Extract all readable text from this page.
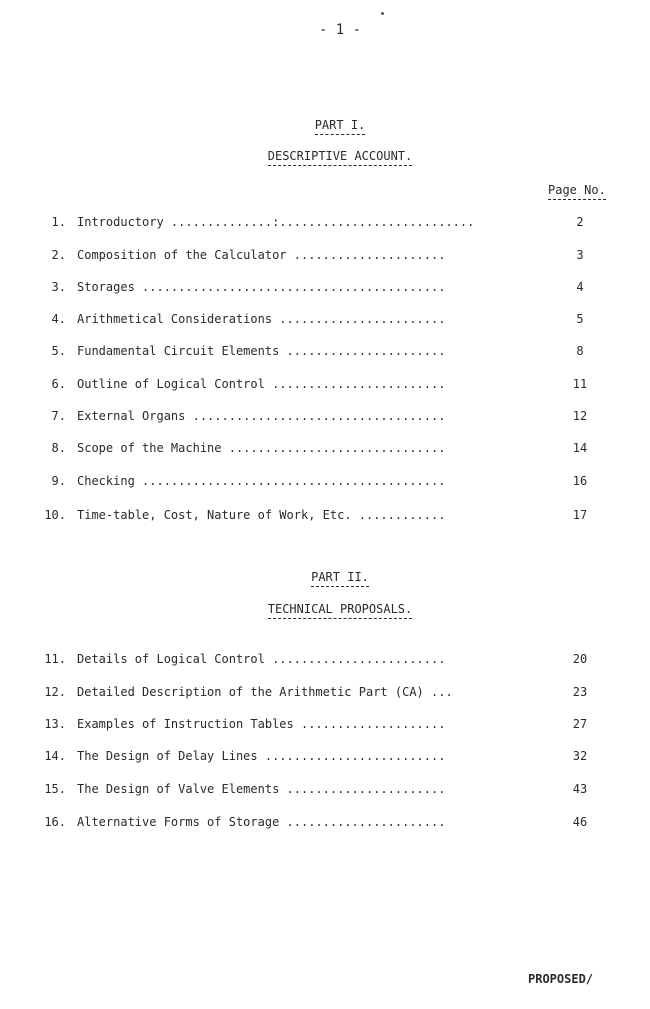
- 1 -
PART I.
DESCRIPTIVE ACCOUNT.
Page No.
1. Introductory ..............:...........................	2
2. Composition of the Calculator .....................	3
3. Storages ..........................................	4
4. Arithmetical Considerations .......................	5
5. Fundamental Circuit Elements ......................	8
6. Outline of Logical Control ........................	11
7. External Organs ...................................	12
8. Scope of the Machine ..............................	14
9. Checking ..........................................	16
10. Time-table, Cost, Nature of Work, Etc. ............	17
PART II.
TECHNICAL PROPOSALS.
11. Details of Logical Control ........................	20
12. Detailed Description of the Arithmetic Part (CA) ...	23
13. Examples of Instruction Tables ....................	27
14. The Design of Delay Lines .........................	32
15. The Design of Valve Elements ......................	43
16. Alternative Forms of Storage ......................	46
PROPOSED/
